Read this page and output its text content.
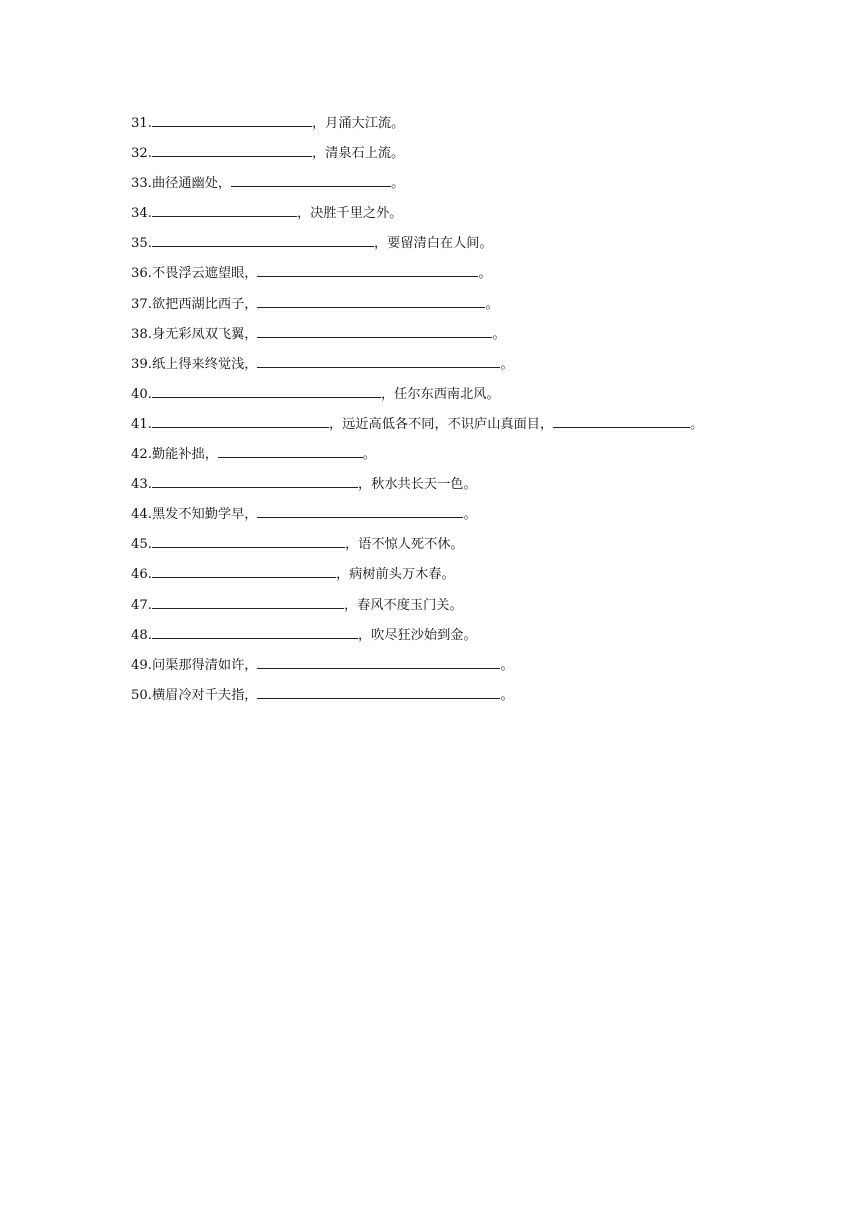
31.	，月涌大江流。
32.	，清泉石上流。
33. 曲径通幽处，	。
34.	，决胜千里之外。
35.	，要留清白在人间。
36. 不畏浮云遮望眼，	。
37. 欲把西湖比西子，	。
38. 身无彩凤双飞翼，	。
39. 纸上得来终觉浅，	。
40.	，任尔东西南北风。
41.	，远近高低各不同，不识庐山真面目，	。
42. 勤能补拙，	。
43.	，秋水共长天一色。
44. 黑发不知勤学早，	。
45.	，语不惊人死不休。
46.	，病树前头万木春。
47.	，春风不度玉门关。
48.	，吹尽狂沙始到金。
49. 问渠那得清如许，	。
50. 横眉冷对千夫指，	。
